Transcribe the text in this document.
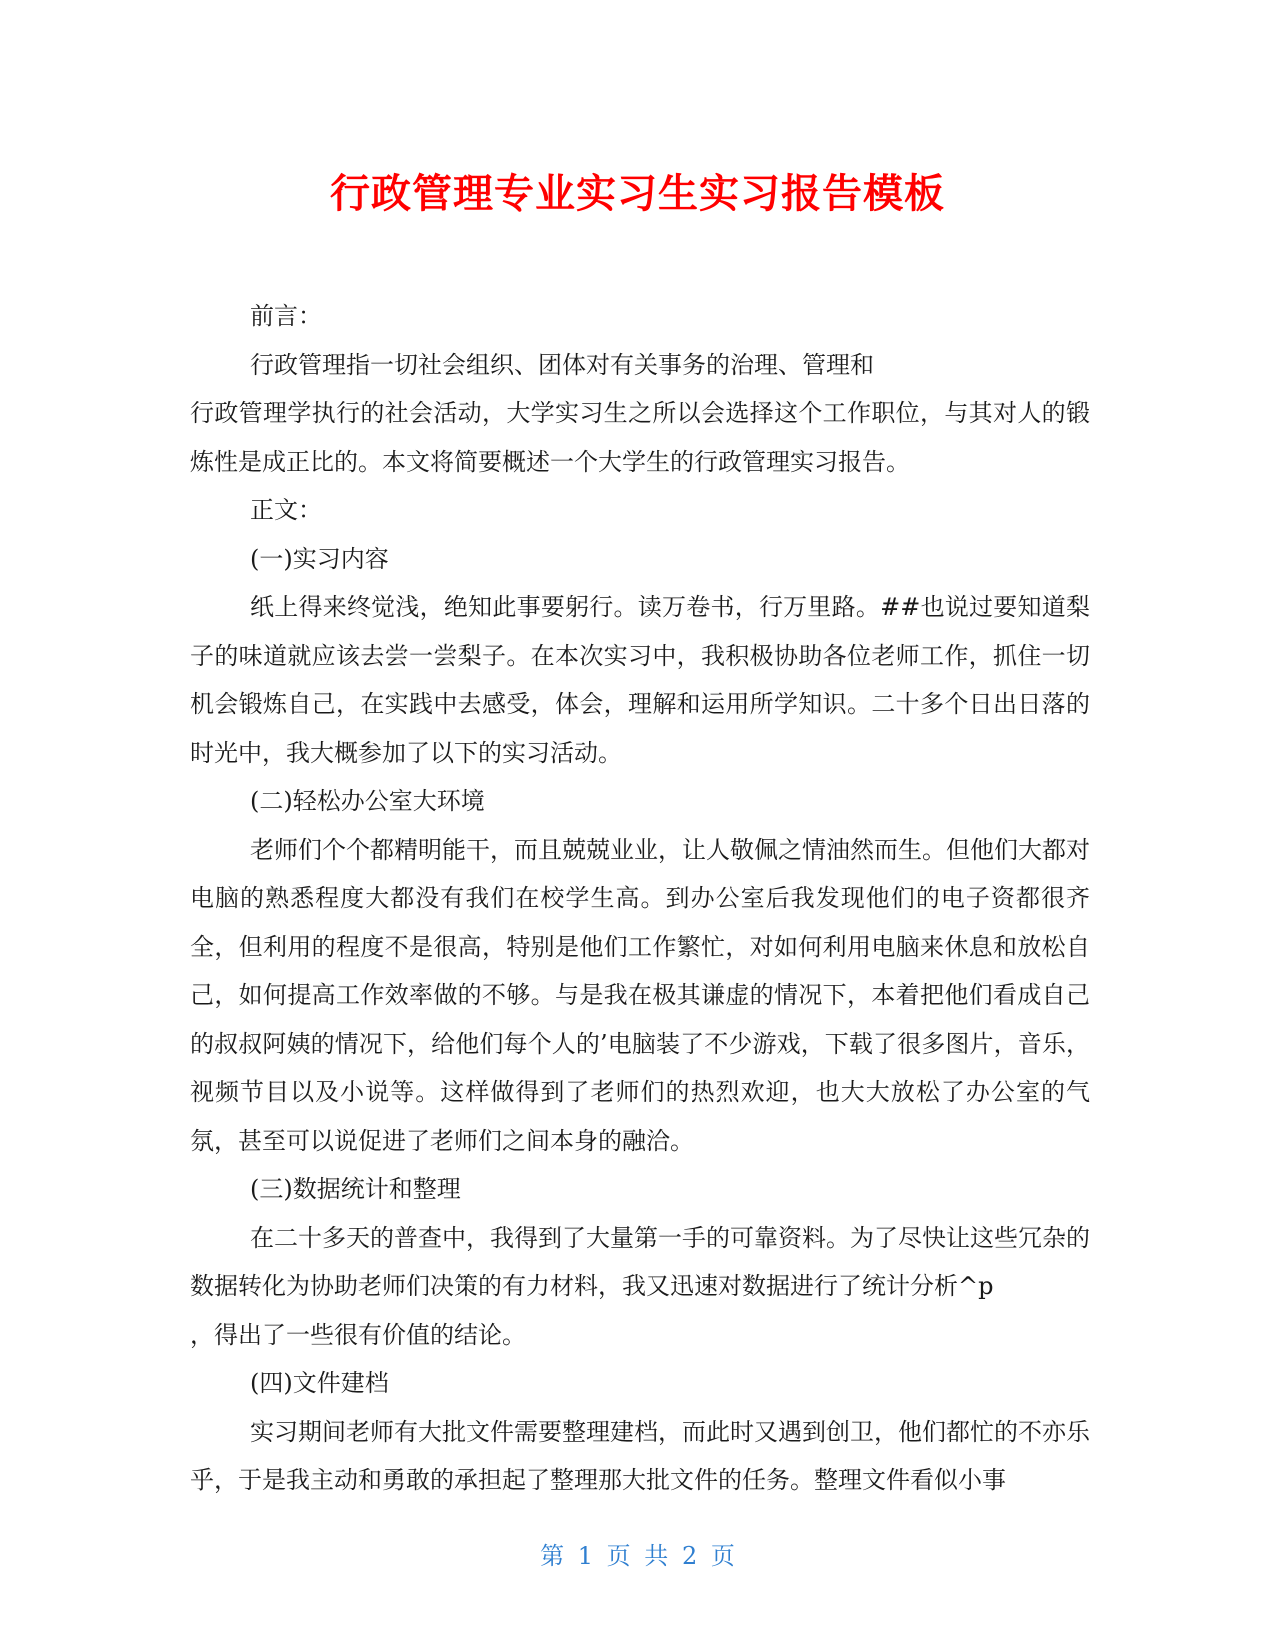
行政管理专业实习生实习报告模板

前言：

行政管理指一切社会组织、团体对有关事务的治理、管理和

行政管理学执行的社会活动，大学实习生之所以会选择这个工作职位，与其对人的锻炼性是成正比的。本文将简要概述一个大学生的行政管理实习报告。

正文：

(一)实习内容

纸上得来终觉浅，绝知此事要躬行。读万卷书，行万里路。##也说过要知道梨子的味道就应该去尝一尝梨子。在本次实习中，我积极协助各位老师工作，抓住一切机会锻炼自己，在实践中去感受，体会，理解和运用所学知识。二十多个日出日落的时光中，我大概参加了以下的实习活动。

(二)轻松办公室大环境

老师们个个都精明能干，而且兢兢业业，让人敬佩之情油然而生。但他们大都对电脑的熟悉程度大都没有我们在校学生高。到办公室后我发现他们的电子资都很齐全，但利用的程度不是很高，特别是他们工作繁忙，对如何利用电脑来休息和放松自己，如何提高工作效率做的不够。与是我在极其谦虚的情况下，本着把他们看成自己的叔叔阿姨的情况下，给他们每个人的’电脑装了不少游戏，下载了很多图片，音乐，视频节目以及小说等。这样做得到了老师们的热烈欢迎，也大大放松了办公室的气氛，甚至可以说促进了老师们之间本身的融洽。

(三)数据统计和整理

在二十多天的普查中，我得到了大量第一手的可靠资料。为了尽快让这些冗杂的数据转化为协助老师们决策的有力材料，我又迅速对数据进行了统计分析^p

，得出了一些很有价值的结论。

(四)文件建档

实习期间老师有大批文件需要整理建档，而此时又遇到创卫，他们都忙的不亦乐乎，于是我主动和勇敢的承担起了整理那大批文件的任务。整理文件看似小事

第 1 页 共 2 页
